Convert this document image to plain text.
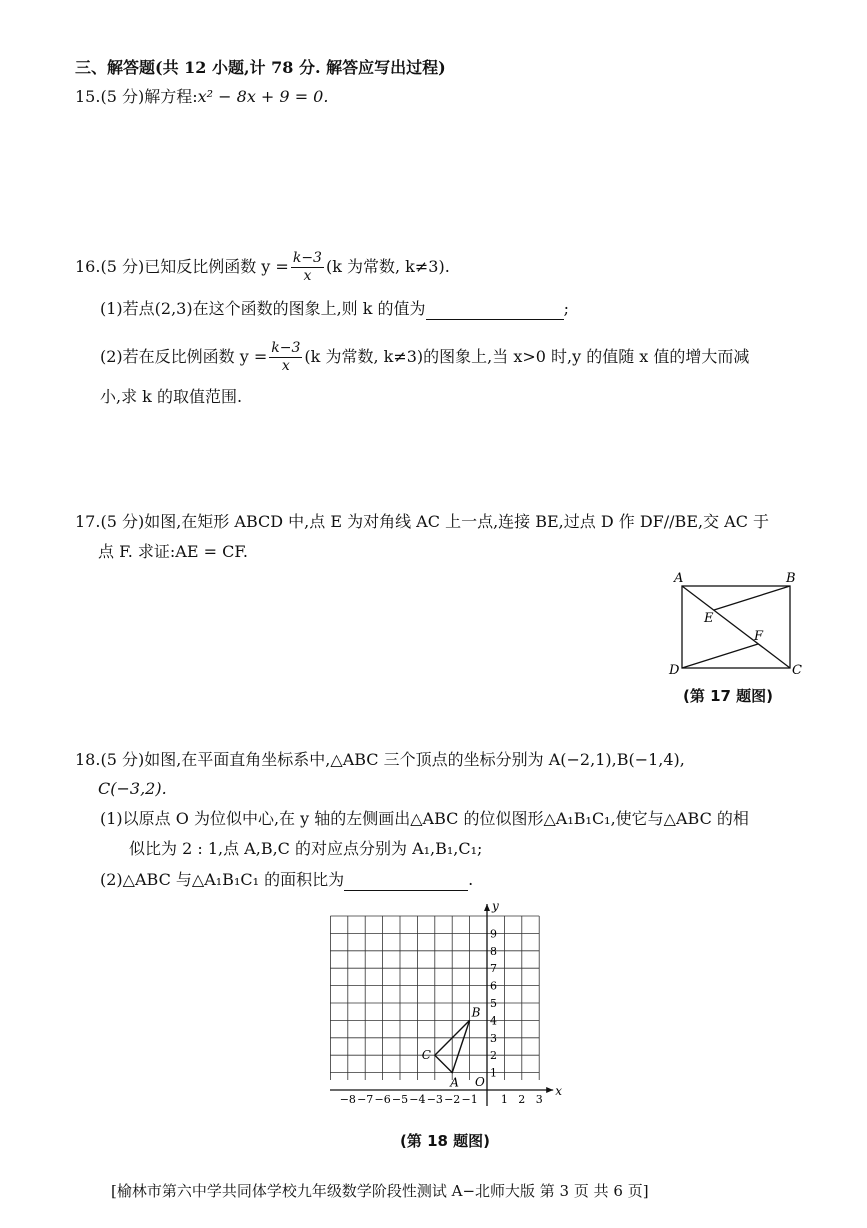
三、解答题(共 12 小题,计 78 分. 解答应写出过程)
15.(5 分)解方程:x² − 8x + 9 = 0.
16.(5 分)已知反比例函数 $y = \frac{k-3}{x} (k$ 为常数, k≠3).
(1)若点(2,3)在这个函数的图象上,则 k 的值为	;
(2)若在反比例函数 $y = \frac{k-3}{x} (k$ 为常数, k≠3)的图象上,当 x>0 时,y 的值随 x 值的增大而减
小,求 k 的取值范围.
17.(5 分)如图,在矩形 ABCD 中,点 E 为对角线 AC 上一点,连接 BE,过点 D 作 DF//BE,交 AC 于
点 F. 求证:AE = CF.
A	B
C
D
E
F
(第 17 题图)
18.(5 分)如图,在平面直角坐标系中,△ABC 三个顶点的坐标分别为 A(−2,1),B(−1,4),
C(−3,2).
(1)以原点 O 为位似中心,在 y 轴的左侧画出△ABC 的位似图形△A₁B₁C₁,使它与△ABC 的相
似比为 2 : 1,点 A,B,C 的对应点分别为 A₁,B₁,C₁;
(2)△ABC 与△A₁B₁C₁ 的面积比为	.
x
y
O
−8 −7 −6 −5 −4 −3 −2 −1 1 2 3
1
2
3
4
5
6
7
8
9
A
B
C
(第 18 题图)
[榆林市第六中学共同体学校九年级数学阶段性测试 A−北师大版 第 3 页 共 6 页]
